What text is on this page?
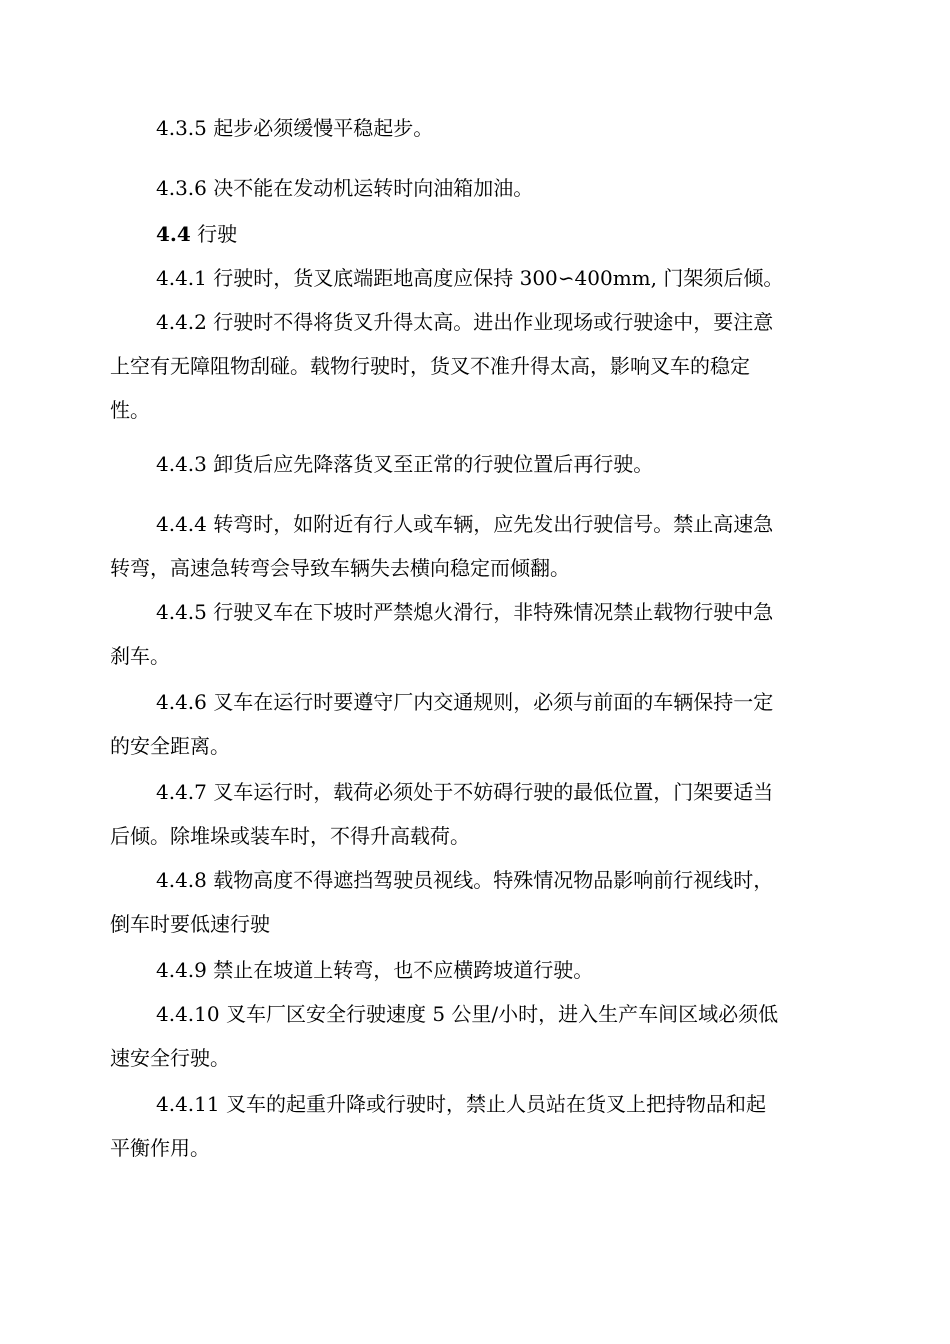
4.3.5 起步必须缓慢平稳起步。

4.3.6 决不能在发动机运转时向油箱加油。

4.4 行驶

4.4.1 行驶时，货叉底端距地高度应保持 300∽400mm, 门架须后倾。

4.4.2 行驶时不得将货叉升得太高。进出作业现场或行驶途中，要注意
上空有无障阻物刮碰。载物行驶时，货叉不准升得太高，影响叉车的稳定
性。

4.4.3 卸货后应先降落货叉至正常的行驶位置后再行驶。

4.4.4 转弯时，如附近有行人或车辆，应先发出行驶信号。禁止高速急
转弯，高速急转弯会导致车辆失去横向稳定而倾翻。

4.4.5 行驶叉车在下坡时严禁熄火滑行，非特殊情况禁止载物行驶中急
刹车。

4.4.6 叉车在运行时要遵守厂内交通规则，必须与前面的车辆保持一定
的安全距离。

4.4.7 叉车运行时，载荷必须处于不妨碍行驶的最低位置，门架要适当
后倾。除堆垛或装车时，不得升高载荷。

4.4.8 载物高度不得遮挡驾驶员视线。特殊情况物品影响前行视线时，
倒车时要低速行驶

4.4.9 禁止在坡道上转弯，也不应横跨坡道行驶。

4.4.10 叉车厂区安全行驶速度 5 公里/小时，进入生产车间区域必须低
速安全行驶。

4.4.11 叉车的起重升降或行驶时，禁止人员站在货叉上把持物品和起
平衡作用。
